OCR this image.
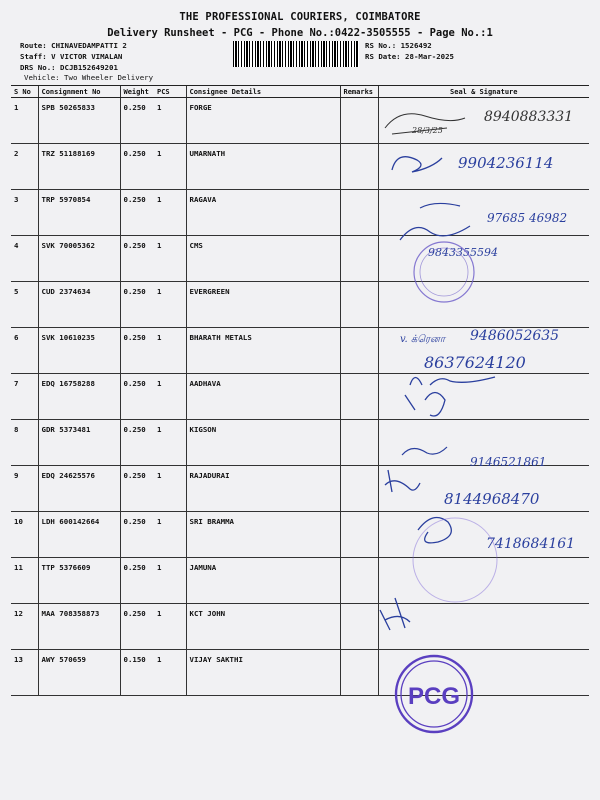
THE PROFESSIONAL COURIERS, COIMBATORE
Delivery Runsheet - PCG - Phone No.:0422-3505555 - Page No.:1
Route: CHINAVEDAMPATTI 2
Staff: V VICTOR VIMALAN
DRS No.: DCJB152649201
Vehicle: Two Wheeler Delivery
RS No.: 1526492
RS Date: 28-Mar-2025
S No	Consignment No	Weight	PCS	Consignee Details	Remarks	Seal & Signature
1	SPB 50265833	0.250	1	FORGE		
2	TRZ 51188169	0.250	1	UMARNATH		
3	TRP 5970854	0.250	1	RAGAVA		
4	SVK 70005362	0.250	1	CMS		
5	CUD 2374634	0.250	1	EVERGREEN		
6	SVK 10610235	0.250	1	BHARATH METALS		
7	EDQ 16758288	0.250	1	AADHAVA		
8	GDR 5373481	0.250	1	KIGSON		
9	EDQ 24625576	0.250	1	RAJADURAI		
10	LDH 600142664	0.250	1	SRI BRAMMA		
11	TTP 5376609	0.250	1	JAMUNA		
12	MAA 708358873	0.250	1	KCT JOHN		
13	AWY 570659	0.150	1	VIJAY SAKTHI		
28/3/25
8940883331
9904236114
97685 46982
9843355594
v. க்ரெனா 9486052635
8637624120
9146521861
8144968470
7418684161
PCG
